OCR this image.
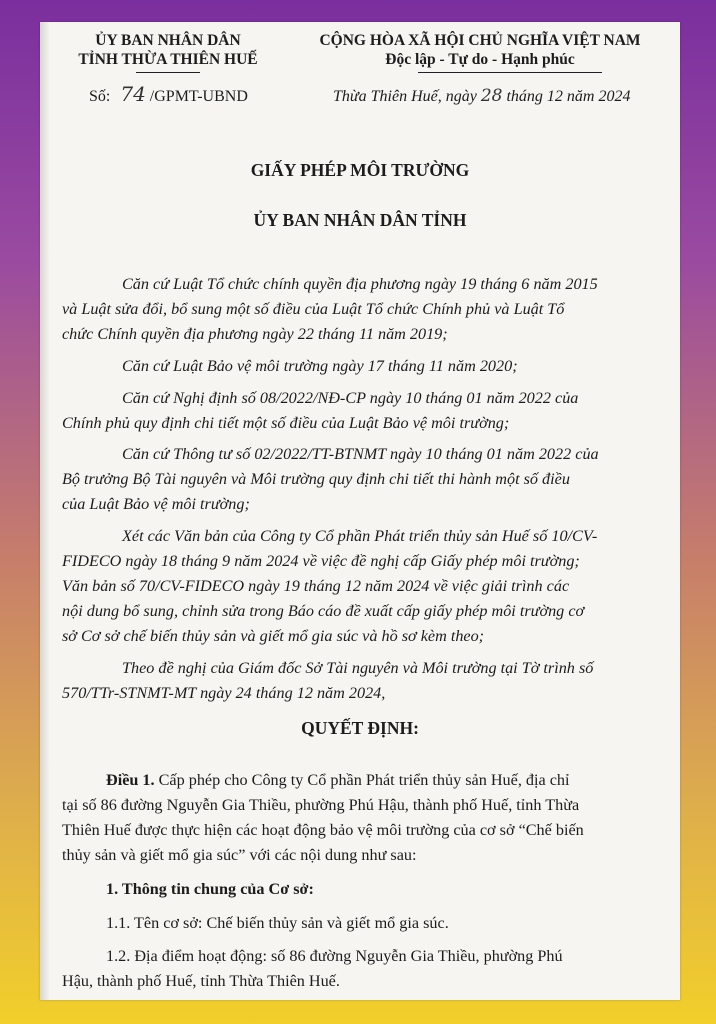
ỦY BAN NHÂN DÂN
TỈNH THỪA THIÊN HUẾ
Số: 74 /GPMT-UBND
CỘNG HÒA XÃ HỘI CHỦ NGHĨA VIỆT NAM
Độc lập - Tự do - Hạnh phúc
Thừa Thiên Huế, ngày 28 tháng 12 năm 2024
GIẤY PHÉP MÔI TRƯỜNG
ỦY BAN NHÂN DÂN TỈNH
Căn cứ Luật Tổ chức chính quyền địa phương ngày 19 tháng 6 năm 2015
và Luật sửa đổi, bổ sung một số điều của Luật Tổ chức Chính phủ và Luật Tổ
chức Chính quyền địa phương ngày 22 tháng 11 năm 2019;
Căn cứ Luật Bảo vệ môi trường ngày 17 tháng 11 năm 2020;
Căn cứ Nghị định số 08/2022/NĐ-CP ngày 10 tháng 01 năm 2022 của
Chính phủ quy định chi tiết một số điều của Luật Bảo vệ môi trường;
Căn cứ Thông tư số 02/2022/TT-BTNMT ngày 10 tháng 01 năm 2022 của
Bộ trưởng Bộ Tài nguyên và Môi trường quy định chi tiết thi hành một số điều
của Luật Bảo vệ môi trường;
Xét các Văn bản của Công ty Cổ phần Phát triển thủy sản Huế số 10/CV-
FIDECO ngày 18 tháng 9 năm 2024 về việc đề nghị cấp Giấy phép môi trường;
Văn bản số 70/CV-FIDECO ngày 19 tháng 12 năm 2024 về việc giải trình các
nội dung bổ sung, chỉnh sửa trong Báo cáo đề xuất cấp giấy phép môi trường cơ
sở Cơ sở chế biến thủy sản và giết mổ gia súc và hồ sơ kèm theo;
Theo đề nghị của Giám đốc Sở Tài nguyên và Môi trường tại Tờ trình số
570/TTr-STNMT-MT ngày 24 tháng 12 năm 2024,
QUYẾT ĐỊNH:
Điều 1. Cấp phép cho Công ty Cổ phần Phát triển thủy sản Huế, địa chỉ
tại số 86 đường Nguyễn Gia Thiều, phường Phú Hậu, thành phố Huế, tỉnh Thừa
Thiên Huế được thực hiện các hoạt động bảo vệ môi trường của cơ sở “Chế biến
thủy sản và giết mổ gia súc” với các nội dung như sau:
1. Thông tin chung của Cơ sở:
1.1. Tên cơ sở: Chế biến thủy sản và giết mổ gia súc.
1.2. Địa điểm hoạt động: số 86 đường Nguyễn Gia Thiều, phường Phú
Hậu, thành phố Huế, tỉnh Thừa Thiên Huế.
